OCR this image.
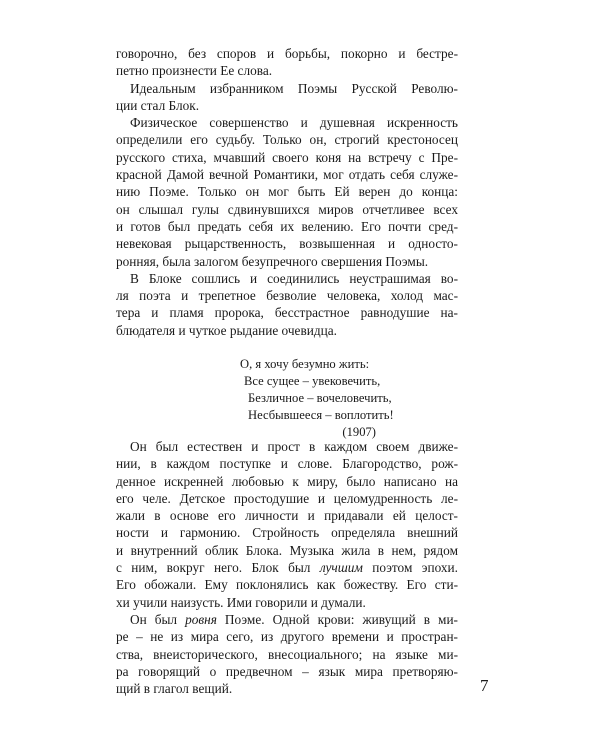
говорочно, без споров и борьбы, покорно и бестре-
петно произнести Ее слова.

Идеальным избранником Поэмы Русской Револю-
ции стал Блок.

Физическое совершенство и душевная искренность
определили его судьбу. Только он, строгий крестоносец
русского стиха, мчавший своего коня на встречу с Пре-
красной Дамой вечной Романтики, мог отдать себя служе-
нию Поэме. Только он мог быть Ей верен до конца:
он слышал гулы сдвинувшихся миров отчетливее всех
и готов был предать себя их велению. Его почти сред-
невековая рыцарственность, возвышенная и односто-
ронняя, была залогом безупречного свершения Поэмы.

В Блоке сошлись и соединились неустрашимая во-
ля поэта и трепетное безволие человека, холод мас-
тера и пламя пророка, бесстрастное равнодушие на-
блюдателя и чуткое рыдание очевидца.

О, я хочу безумно жить:
Все сущее – увековечить,
Безличное – вочеловечить,
Несбывшееся – воплотить!
(1907)

Он был естествен и прост в каждом своем движе-
нии, в каждом поступке и слове. Благородство, рож-
денное искренней любовью к миру, было написано на
его челе. Детское простодушие и целомудренность ле-
жали в основе его личности и придавали ей целост-
ности и гармонию. Стройность определяла внешний
и внутренний облик Блока. Музыка жила в нем, рядом
с ним, вокруг него. Блок был лучшим поэтом эпохи.
Его обожали. Ему поклонялись как божеству. Его сти-
хи учили наизусть. Ими говорили и думали.

Он был ровня Поэме. Одной крови: живущий в ми-
ре – не из мира сего, из другого времени и простран-
ства, внеисторического, внесоциального; на языке ми-
ра говорящий о предвечном – язык мира претворяю-
щий в глагол вещий.	7
